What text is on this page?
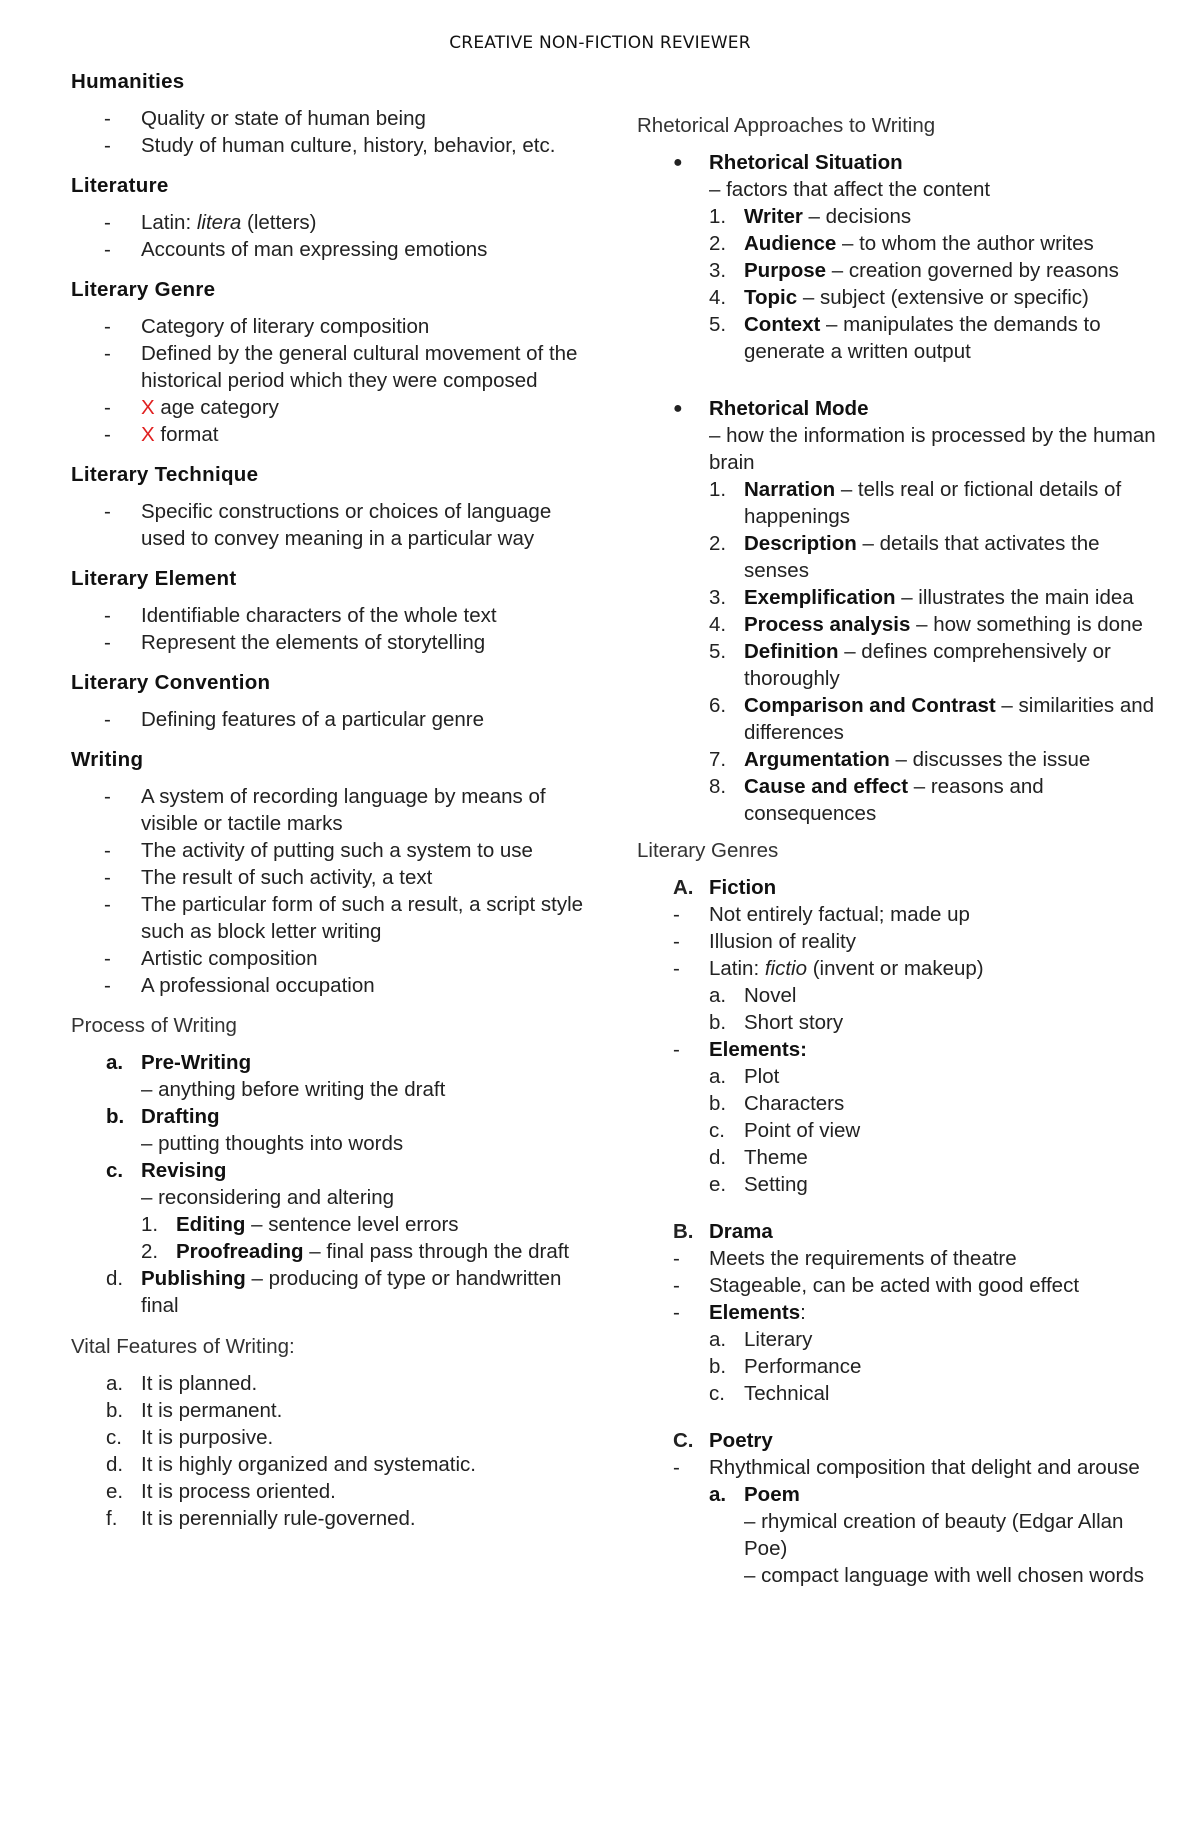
CREATIVE NON-FICTION REVIEWER
Humanities
- Quality or state of human being
- Study of human culture, history, behavior, etc.
Literature
- Latin: litera (letters)
- Accounts of man expressing emotions
Literary Genre
- Category of literary composition
- Defined by the general cultural movement of the historical period which they were composed
- X age category
- X format
Literary Technique
- Specific constructions or choices of language used to convey meaning in a particular way
Literary Element
- Identifiable characters of the whole text
- Represent the elements of storytelling
Literary Convention
- Defining features of a particular genre
Writing
- A system of recording language by means of visible or tactile marks
- The activity of putting such a system to use
- The result of such activity, a text
- The particular form of such a result, a script style such as block letter writing
- Artistic composition
- A professional occupation
Process of Writing
a. Pre-Writing
– anything before writing the draft
b. Drafting
– putting thoughts into words
c. Revising
– reconsidering and altering
1. Editing – sentence level errors
2. Proofreading – final pass through the draft
d. Publishing – producing of type or handwritten final
Vital Features of Writing:
a. It is planned.
b. It is permanent.
c. It is purposive.
d. It is highly organized and systematic.
e. It is process oriented.
f. It is perennially rule-governed.
Rhetorical Approaches to Writing
● Rhetorical Situation
– factors that affect the content
1. Writer – decisions
2. Audience – to whom the author writes
3. Purpose – creation governed by reasons
4. Topic – subject (extensive or specific)
5. Context – manipulates the demands to generate a written output
● Rhetorical Mode
– how the information is processed by the human brain
1. Narration – tells real or fictional details of happenings
2. Description – details that activates the senses
3. Exemplification – illustrates the main idea
4. Process analysis – how something is done
5. Definition – defines comprehensively or thoroughly
6. Comparison and Contrast – similarities and differences
7. Argumentation – discusses the issue
8. Cause and effect – reasons and consequences
Literary Genres
A. Fiction
- Not entirely factual; made up
- Illusion of reality
- Latin: fictio (invent or makeup)
a. Novel
b. Short story
- Elements:
a. Plot
b. Characters
c. Point of view
d. Theme
e. Setting
B. Drama
- Meets the requirements of theatre
- Stageable, can be acted with good effect
- Elements:
a. Literary
b. Performance
c. Technical
C. Poetry
- Rhythmical composition that delight and arouse
a. Poem
– rhymical creation of beauty (Edgar Allan Poe)
– compact language with well chosen words
